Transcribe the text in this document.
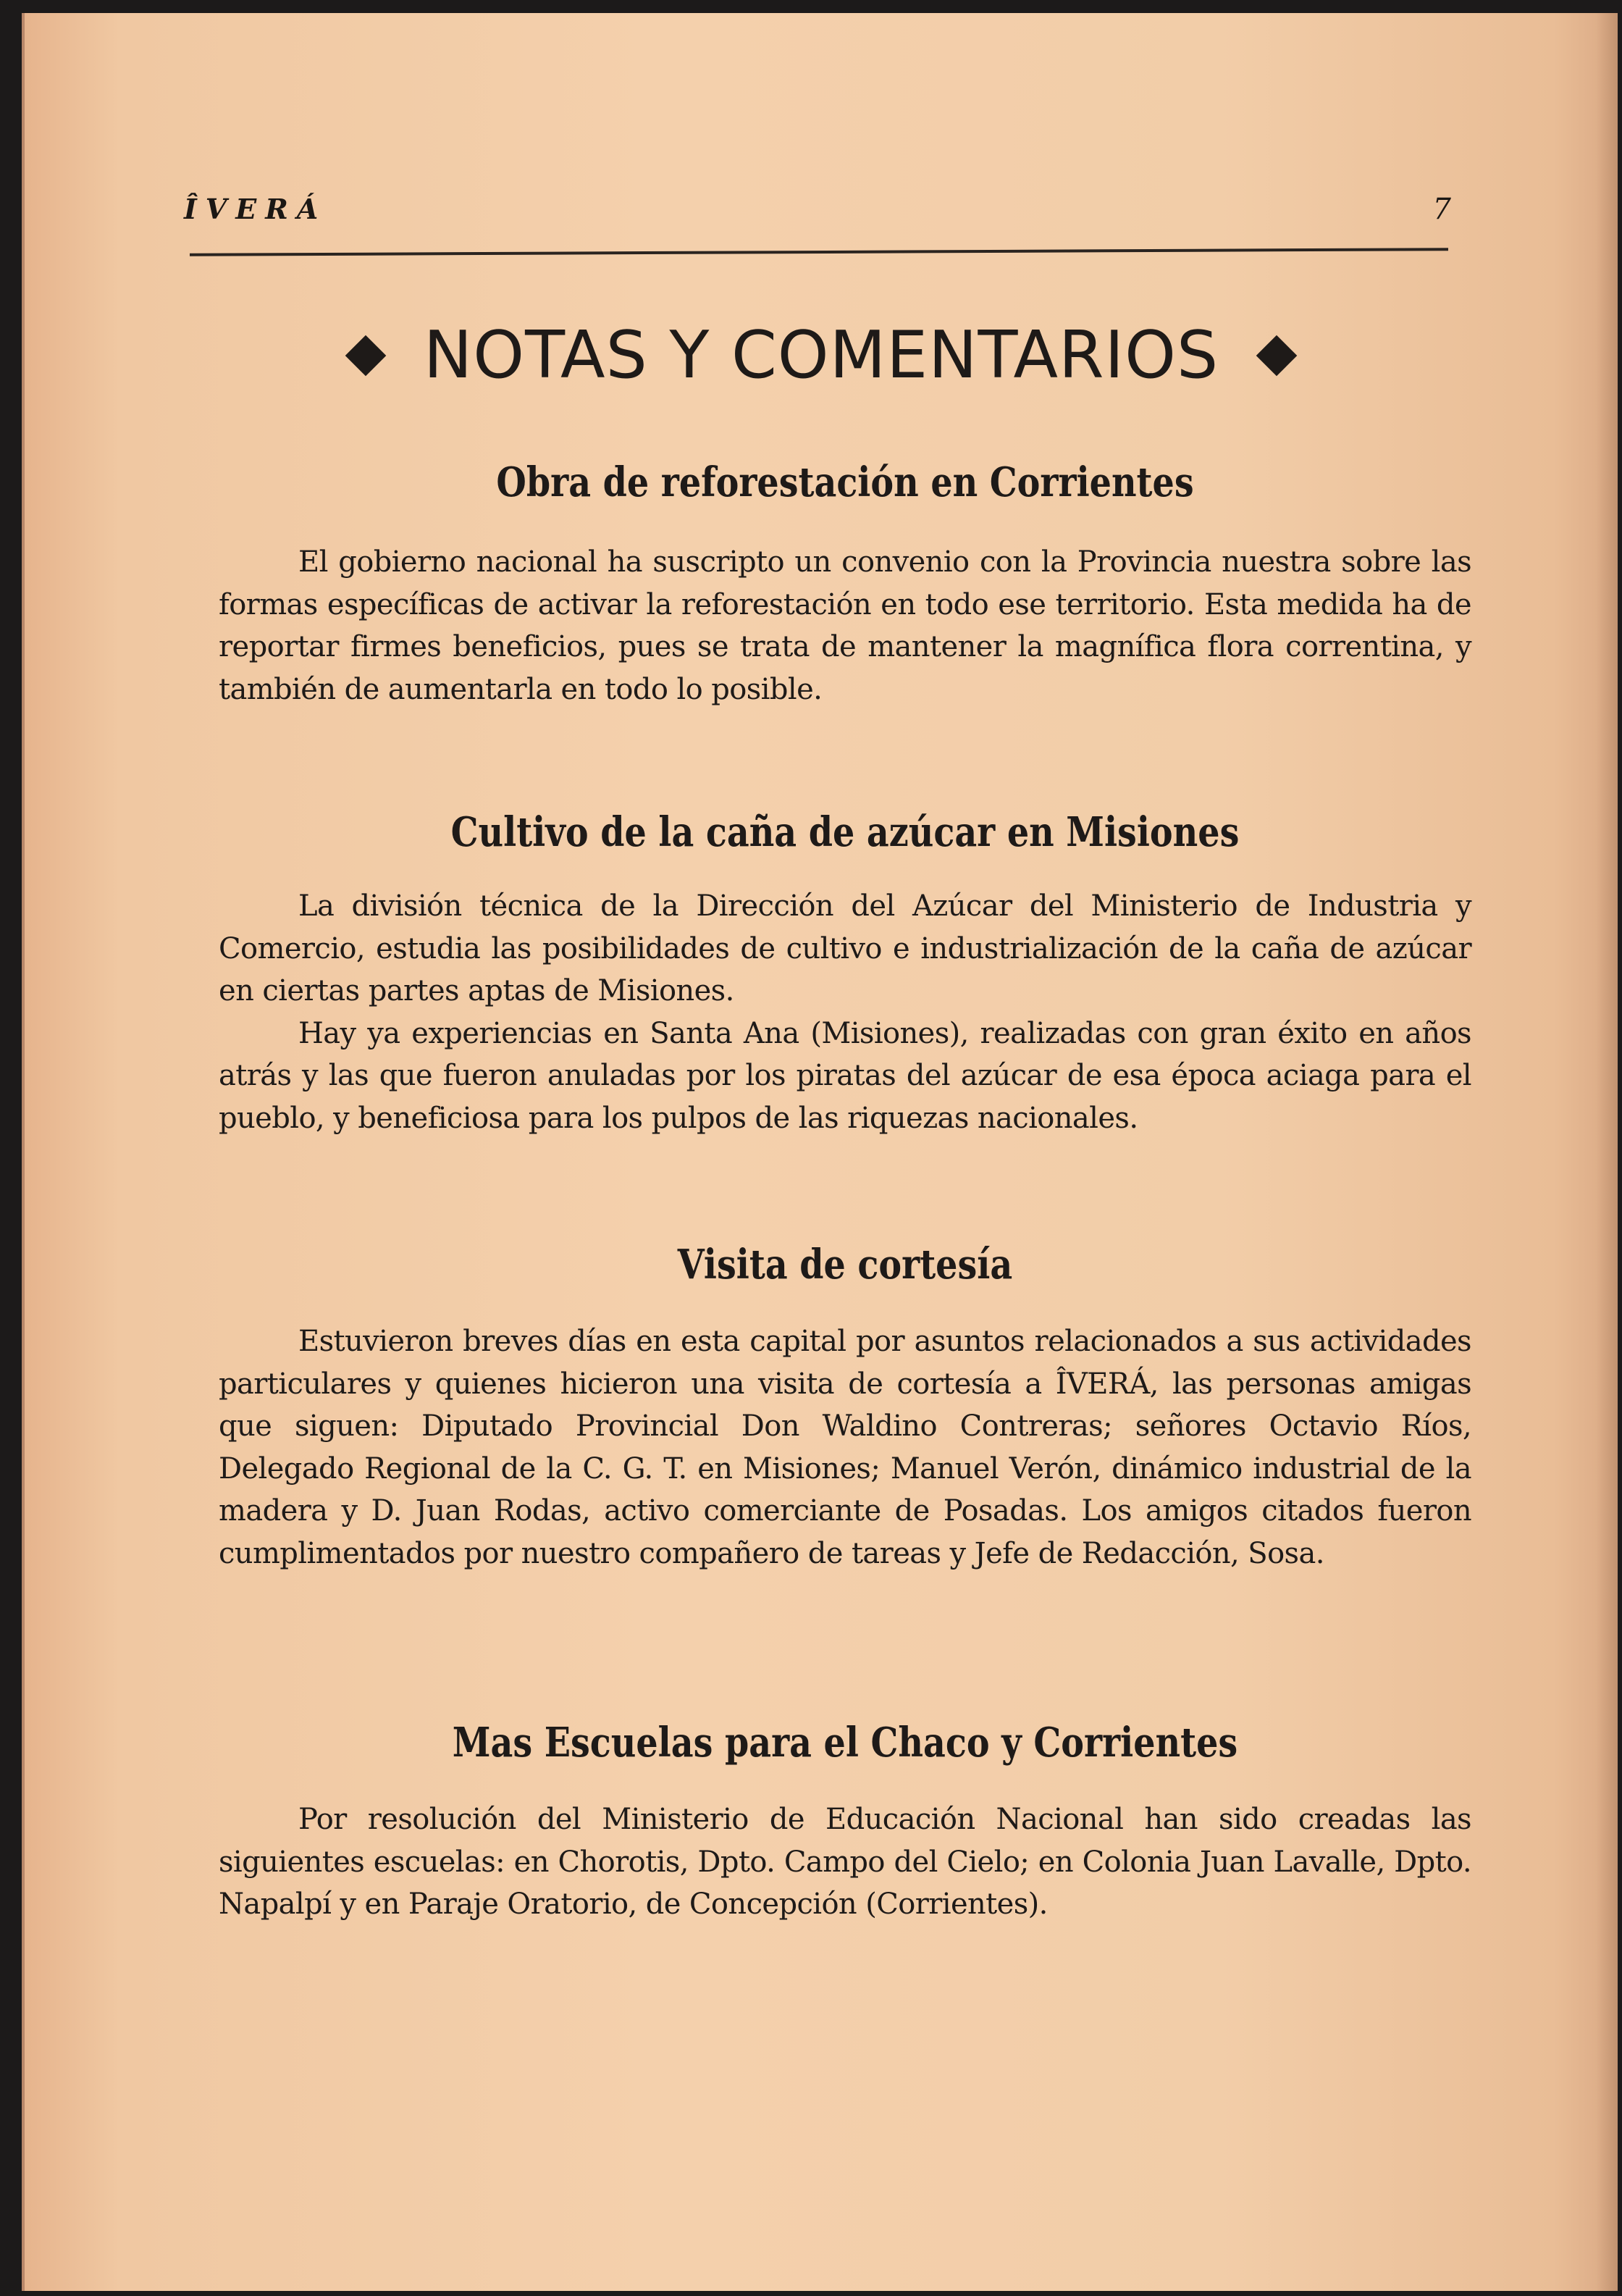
ÎVERÁ	7
NOTAS Y COMENTARIOS
Obra de reforestación en Corrientes

El gobierno nacional ha suscripto un convenio con la Provincia nuestra sobre las formas específicas de activar la reforestación en todo ese territorio. Esta medida ha de reportar firmes beneficios, pues se trata de mantener la magnífica flora correntina, y también de aumentarla en todo lo posible.

Cultivo de la caña de azúcar en Misiones

La división técnica de la Dirección del Azúcar del Ministerio de Industria y Comercio, estudia las posibilidades de cultivo e industrialización de la caña de azúcar en ciertas partes aptas de Misiones.

Hay ya experiencias en Santa Ana (Misiones), realizadas con gran éxito en años atrás y las que fueron anuladas por los piratas del azúcar de esa época aciaga para el pueblo, y beneficiosa para los pulpos de las riquezas nacionales.

Visita de cortesía

Estuvieron breves días en esta capital por asuntos relacionados a sus actividades particulares y quienes hicieron una visita de cortesía a ÎVERÁ, las personas amigas que siguen: Diputado Provincial Don Waldino Contreras; señores Octavio Ríos, Delegado Regional de la C. G. T. en Misiones; Manuel Verón, dinámico industrial de la madera y D. Juan Rodas, activo comerciante de Posadas. Los amigos citados fueron cumplimentados por nuestro compañero de tareas y Jefe de Redacción, Sosa.

Mas Escuelas para el Chaco y Corrientes

Por resolución del Ministerio de Educación Nacional han sido creadas las siguientes escuelas: en Chorotis, Dpto. Campo del Cielo; en Colonia Juan Lavalle, Dpto. Napalpí y en Paraje Oratorio, de Concepción (Corrientes).
